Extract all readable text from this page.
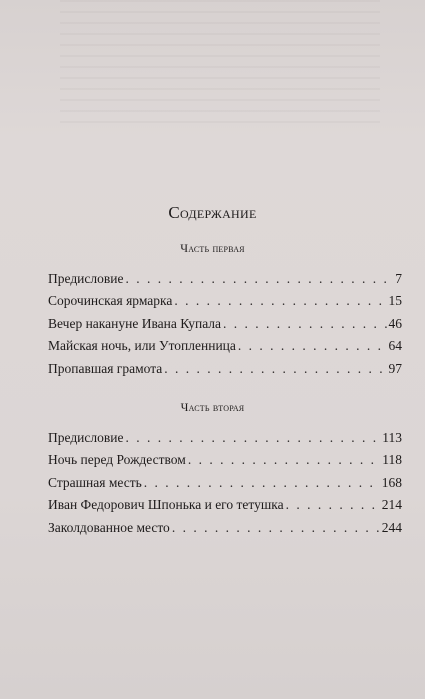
Содержание
Часть первая
Предисловие . . .	7
Сорочинская ярмарка . . .	15
Вечер накануне Ивана Купала . . .	46
Майская ночь, или Утопленница . . .	64
Пропавшая грамота . . .	97
Часть вторая
Предисловие . . .	113
Ночь перед Рождеством . . .	118
Страшная месть . . .	168
Иван Федорович Шпонька и его тетушка . . .	214
Заколдованное место . . .	244
